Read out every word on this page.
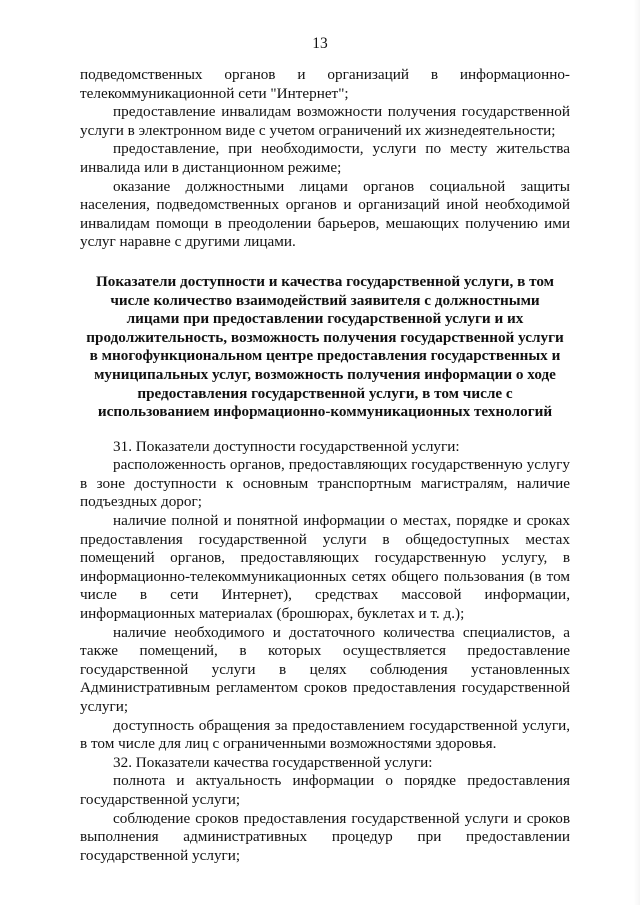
13

подведомственных органов и организаций в информационно-телекоммуникационной сети "Интернет";

предоставление инвалидам возможности получения государственной услуги в электронном виде с учетом ограничений их жизнедеятельности;

предоставление, при необходимости, услуги по месту жительства инвалида или в дистанционном режиме;

оказание должностными лицами органов социальной защиты населения, подведомственных органов и организаций иной необходимой инвалидам помощи в преодолении барьеров, мешающих получению ими услуг наравне с другими лицами.

Показатели доступности и качества государственной услуги, в том числе количество взаимодействий заявителя с должностными лицами при предоставлении государственной услуги и их продолжительность, возможность получения государственной услуги в многофункциональном центре предоставления государственных и муниципальных услуг, возможность получения информации о ходе предоставления государственной услуги, в том числе с использованием информационно-коммуникационных технологий

31. Показатели доступности государственной услуги:

расположенность органов, предоставляющих государственную услугу в зоне доступности к основным транспортным магистралям, наличие подъездных дорог;

наличие полной и понятной информации о местах, порядке и сроках предоставления государственной услуги в общедоступных местах помещений органов, предоставляющих государственную услугу, в информационно-телекоммуникационных сетях общего пользования (в том числе в сети Интернет), средствах массовой информации, информационных материалах (брошюрах, буклетах и т. д.);

наличие необходимого и достаточного количества специалистов, а также помещений, в которых осуществляется предоставление государственной услуги в целях соблюдения установленных Административным регламентом сроков предоставления государственной услуги;

доступность обращения за предоставлением государственной услуги, в том числе для лиц с ограниченными возможностями здоровья.

32. Показатели качества государственной услуги:

полнота и актуальность информации о порядке предоставления государственной услуги;

соблюдение сроков предоставления государственной услуги и сроков выполнения административных процедур при предоставлении государственной услуги;
